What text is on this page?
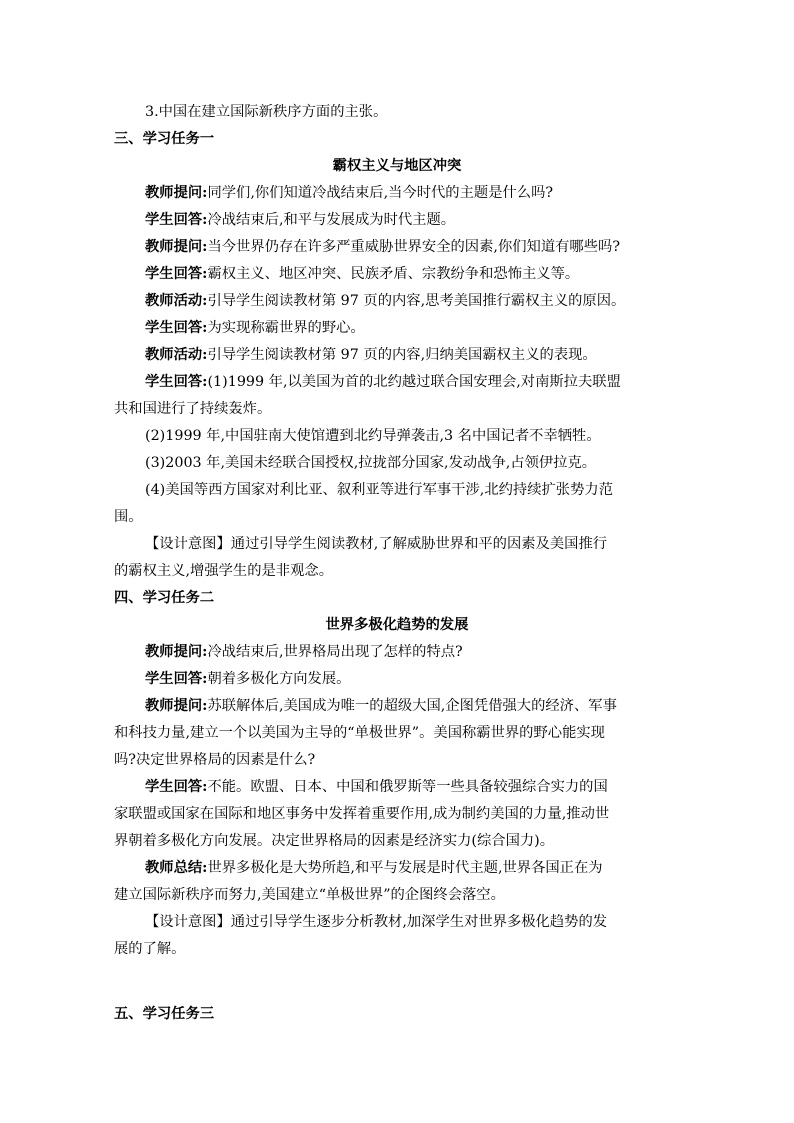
3.中国在建立国际新秩序方面的主张。
三、学习任务一
霸权主义与地区冲突
教师提问:同学们,你们知道冷战结束后,当今时代的主题是什么吗?
学生回答:冷战结束后,和平与发展成为时代主题。
教师提问:当今世界仍存在许多严重威胁世界安全的因素,你们知道有哪些吗?
学生回答:霸权主义、地区冲突、民族矛盾、宗教纷争和恐怖主义等。
教师活动:引导学生阅读教材第 97 页的内容,思考美国推行霸权主义的原因。
学生回答:为实现称霸世界的野心。
教师活动:引导学生阅读教材第 97 页的内容,归纳美国霸权主义的表现。
学生回答:(1)1999 年,以美国为首的北约越过联合国安理会,对南斯拉夫联盟
共和国进行了持续轰炸。
(2)1999 年,中国驻南大使馆遭到北约导弹袭击,3 名中国记者不幸牺牲。
(3)2003 年,美国未经联合国授权,拉拢部分国家,发动战争,占领伊拉克。
(4)美国等西方国家对利比亚、叙利亚等进行军事干涉,北约持续扩张势力范
围。
【设计意图】通过引导学生阅读教材,了解威胁世界和平的因素及美国推行
的霸权主义,增强学生的是非观念。
四、学习任务二
世界多极化趋势的发展
教师提问:冷战结束后,世界格局出现了怎样的特点?
学生回答:朝着多极化方向发展。
教师提问:苏联解体后,美国成为唯一的超级大国,企图凭借强大的经济、军事
和科技力量,建立一个以美国为主导的“单极世界”。美国称霸世界的野心能实现
吗?决定世界格局的因素是什么?
学生回答:不能。欧盟、日本、中国和俄罗斯等一些具备较强综合实力的国
家联盟或国家在国际和地区事务中发挥着重要作用,成为制约美国的力量,推动世
界朝着多极化方向发展。决定世界格局的因素是经济实力(综合国力)。
教师总结:世界多极化是大势所趋,和平与发展是时代主题,世界各国正在为
建立国际新秩序而努力,美国建立“单极世界”的企图终会落空。
【设计意图】通过引导学生逐步分析教材,加深学生对世界多极化趋势的发
展的了解。
五、学习任务三
